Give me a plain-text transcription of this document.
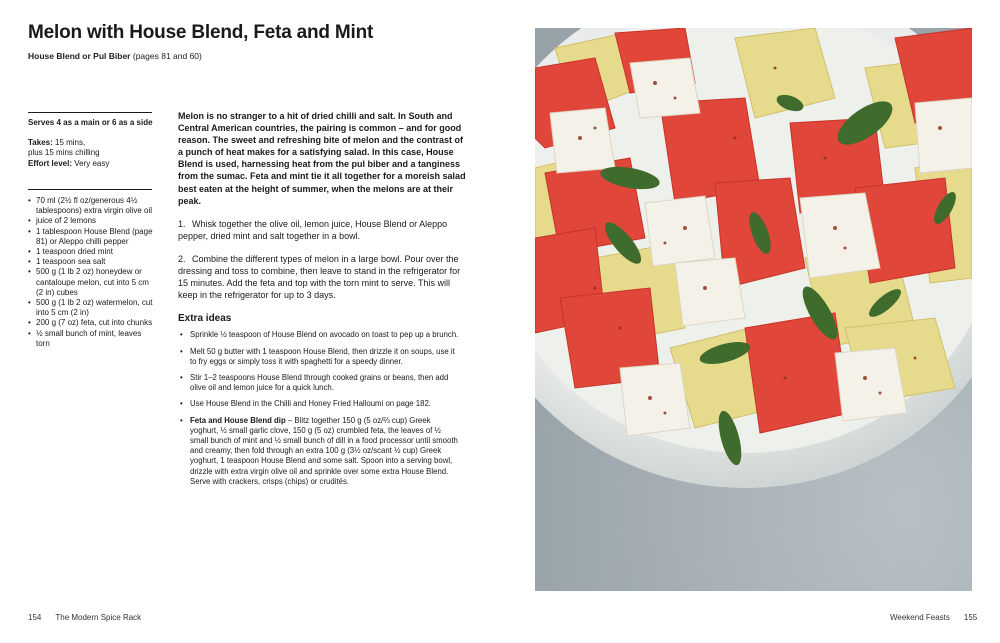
Melon with House Blend, Feta and Mint
House Blend or Pul Biber (pages 81 and 60)
Serves 4 as a main or 6 as a side
Takes: 15 mins,
plus 15 mins chilling
Effort level: Very easy
• 70 ml (2½ fl oz/generous 4½ tablespoons) extra virgin olive oil
• juice of 2 lemons
• 1 tablespoon House Blend (page 81) or Aleppo chilli pepper
• 1 teaspoon dried mint
• 1 teaspoon sea salt
• 500 g (1 lb 2 oz) honeydew or cantaloupe melon, cut into 5 cm (2 in) cubes
• 500 g (1 lb 2 oz) watermelon, cut into 5 cm (2 in)
• 200 g (7 oz) feta, cut into chunks
• ½ small bunch of mint, leaves torn

Melon is no stranger to a hit of dried chilli and salt. In South and Central American countries, the pairing is common – and for good reason. The sweet and refreshing bite of melon and the contrast of a punch of heat makes for a satisfying salad. In this case, House Blend is used, harnessing heat from the pul biber and a tanginess from the sumac. Feta and mint tie it all together for a moreish salad best eaten at the height of summer, when the melons are at their peak.

1. Whisk together the olive oil, lemon juice, House Blend or Aleppo pepper, dried mint and salt together in a bowl.

2. Combine the different types of melon in a large bowl. Pour over the dressing and toss to combine, then leave to stand in the refrigerator for 15 minutes. Add the feta and top with the torn mint to serve. This will keep in the refrigerator for up to 3 days.

Extra ideas
• Sprinkle ½ teaspoon of House Blend on avocado on toast to pep up a brunch.
• Melt 50 g butter with 1 teaspoon House Blend, then drizzle it on soups, use it to fry eggs or simply toss it with spaghetti for a speedy dinner.
• Stir 1–2 teaspoons House Blend through cooked grains or beans, then add olive oil and lemon juice for a quick lunch.
• Use House Blend in the Chilli and Honey Fried Halloumi on page 182.
• Feta and House Blend dip – Blitz together 150 g (5 oz/⅔ cup) Greek yoghurt, ½ small garlic clove, 150 g (5 oz) crumbled feta, the leaves of ½ small bunch of mint and ½ small bunch of dill in a food processor until smooth and creamy, then fold through an extra 100 g (3½ oz/scant ½ cup) Greek yoghurt, 1 teaspoon House Blend and some salt. Spoon into a serving bowl, drizzle with extra virgin olive oil and sprinkle over some extra House Blend. Serve with crackers, crisps (chips) or crudités.
154 The Modern Spice Rack	Weekend Feasts 155
